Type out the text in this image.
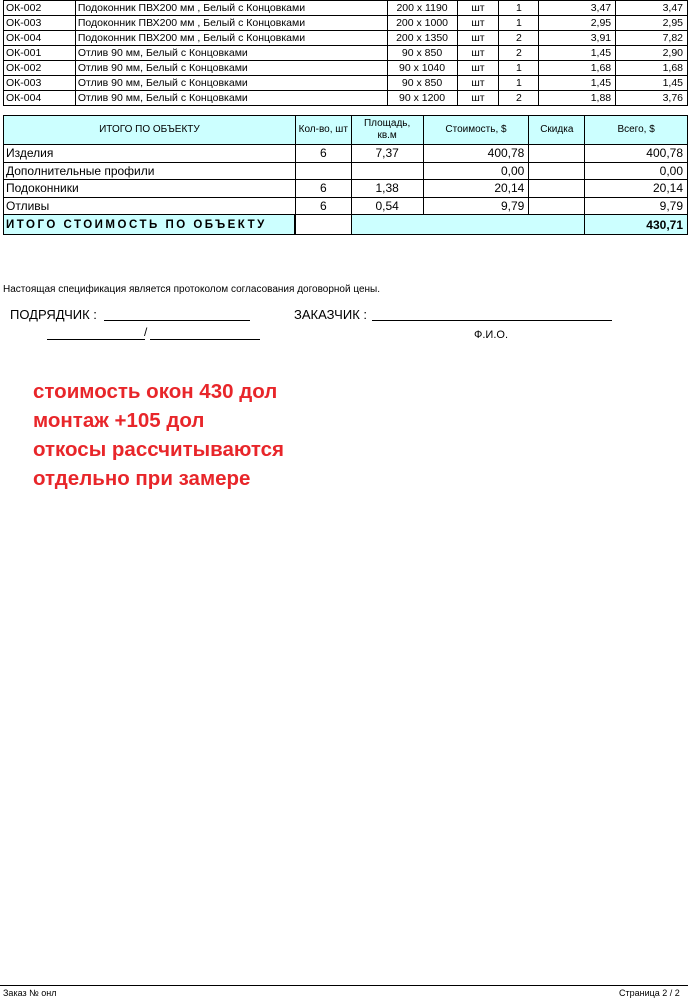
ОК-002	Подоконник ПВХ200 мм , Белый с Концовками	200 x 1190	шт	1	3,47	3,47
ОК-003	Подоконник ПВХ200 мм , Белый с Концовками	200 x 1000	шт	1	2,95	2,95
ОК-004	Подоконник ПВХ200 мм , Белый с Концовками	200 x 1350	шт	2	3,91	7,82
ОК-001	Отлив 90 мм, Белый с Концовками	90 x 850	шт	2	1,45	2,90
ОК-002	Отлив 90 мм, Белый с Концовками	90 x 1040	шт	1	1,68	1,68
ОК-003	Отлив 90 мм, Белый с Концовками	90 x 850	шт	1	1,45	1,45
ОК-004	Отлив 90 мм, Белый с Концовками	90 x 1200	шт	2	1,88	3,76
ИТОГО ПО ОБЪЕКТУ	Кол-во, шт	Площадь, кв.м	Стоимость, $	Скидка	Всего, $
Изделия	6	7,37	400,78		400,78
Дополнительные профили			0,00		0,00
Подоконники	6	1,38	20,14		20,14
Отливы	6	0,54	9,79		9,79
ИТОГО СТОИМОСТЬ ПО ОБЪЕКТУ					430,71
Настоящая спецификация является протоколом согласования договорной цены.
ПОДРЯДЧИК :	ЗАКАЗЧИК :
/	Ф.И.О.
стоимость окон 430 дол
монтаж +105 дол
откосы рассчитываются
отдельно при замере
Заказ № онл	Страница 2 / 2
